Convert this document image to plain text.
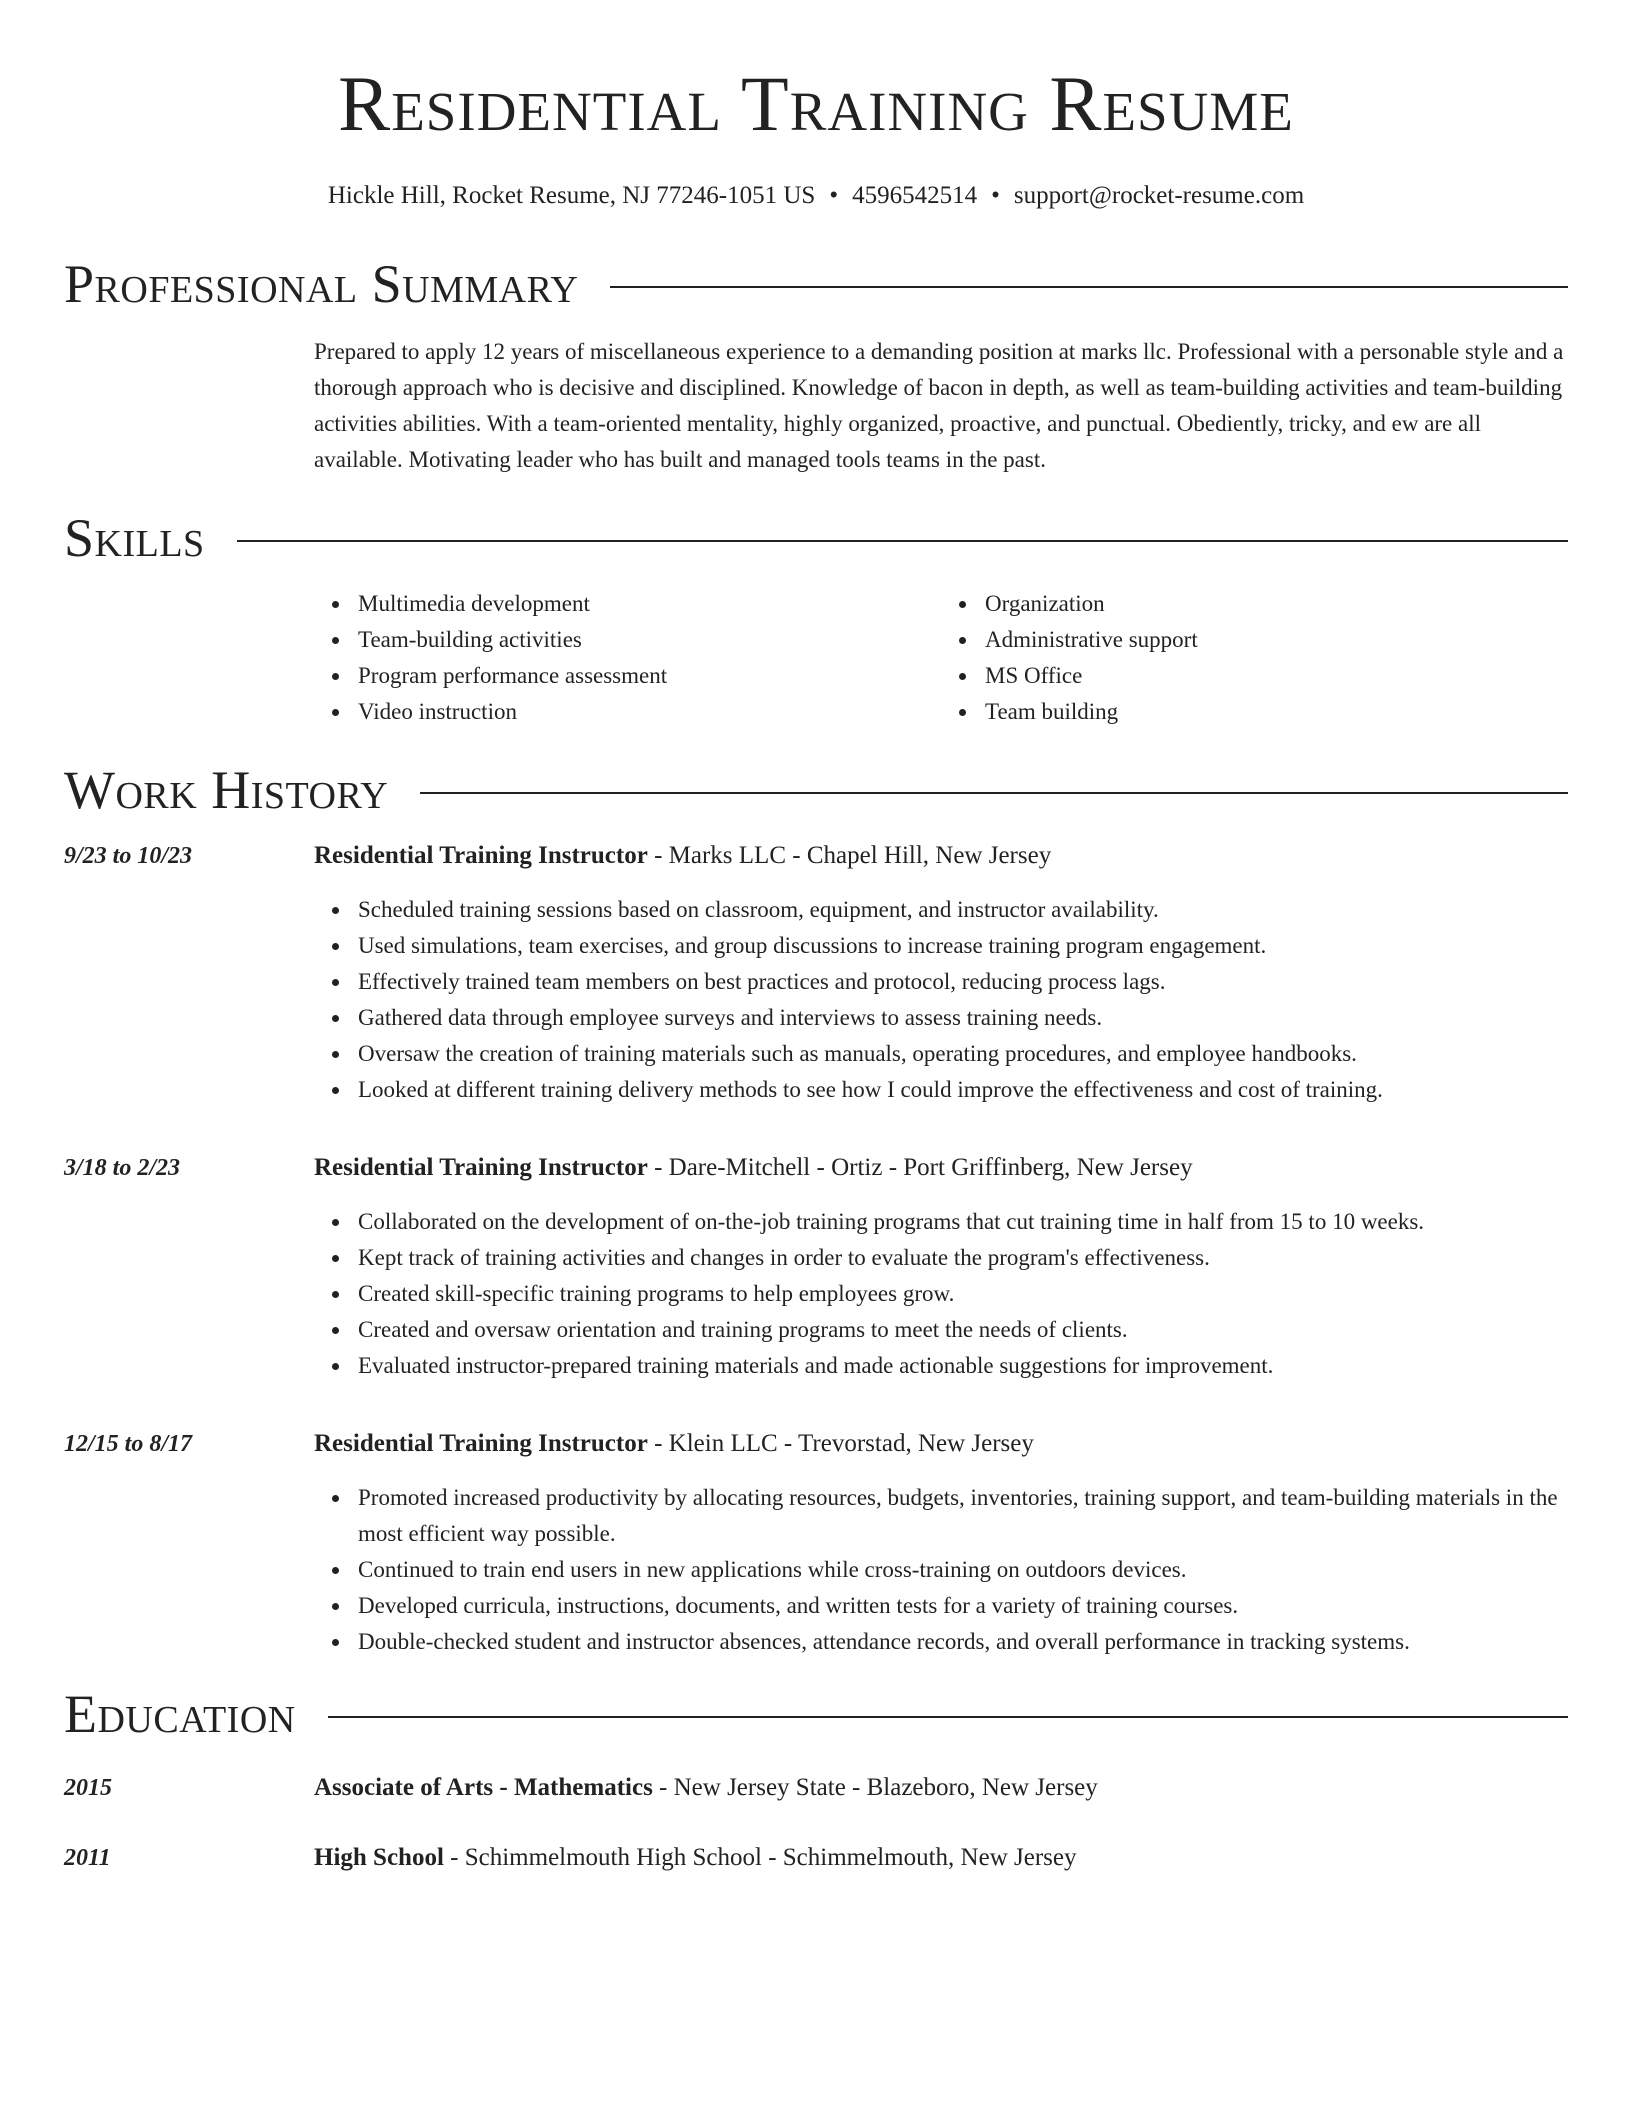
Residential Training Resume
Hickle Hill, Rocket Resume, NJ 77246-1051 US • 4596542514 • support@rocket-resume.com
Professional Summary
Prepared to apply 12 years of miscellaneous experience to a demanding position at marks llc. Professional with a personable style and a thorough approach who is decisive and disciplined. Knowledge of bacon in depth, as well as team-building activities and team-building activities abilities. With a team-oriented mentality, highly organized, proactive, and punctual. Obediently, tricky, and ew are all available. Motivating leader who has built and managed tools teams in the past.
Skills
Multimedia development
Team-building activities
Program performance assessment
Video instruction
Organization
Administrative support
MS Office
Team building
Work History
9/23 to 10/23	Residential Training Instructor - Marks LLC - Chapel Hill, New Jersey
Scheduled training sessions based on classroom, equipment, and instructor availability.
Used simulations, team exercises, and group discussions to increase training program engagement.
Effectively trained team members on best practices and protocol, reducing process lags.
Gathered data through employee surveys and interviews to assess training needs.
Oversaw the creation of training materials such as manuals, operating procedures, and employee handbooks.
Looked at different training delivery methods to see how I could improve the effectiveness and cost of training.
3/18 to 2/23	Residential Training Instructor - Dare-Mitchell - Ortiz - Port Griffinberg, New Jersey
Collaborated on the development of on-the-job training programs that cut training time in half from 15 to 10 weeks.
Kept track of training activities and changes in order to evaluate the program's effectiveness.
Created skill-specific training programs to help employees grow.
Created and oversaw orientation and training programs to meet the needs of clients.
Evaluated instructor-prepared training materials and made actionable suggestions for improvement.
12/15 to 8/17	Residential Training Instructor - Klein LLC - Trevorstad, New Jersey
Promoted increased productivity by allocating resources, budgets, inventories, training support, and team-building materials in the most efficient way possible.
Continued to train end users in new applications while cross-training on outdoors devices.
Developed curricula, instructions, documents, and written tests for a variety of training courses.
Double-checked student and instructor absences, attendance records, and overall performance in tracking systems.
Education
2015	Associate of Arts - Mathematics - New Jersey State - Blazeboro, New Jersey
2011	High School - Schimmelmouth High School - Schimmelmouth, New Jersey
